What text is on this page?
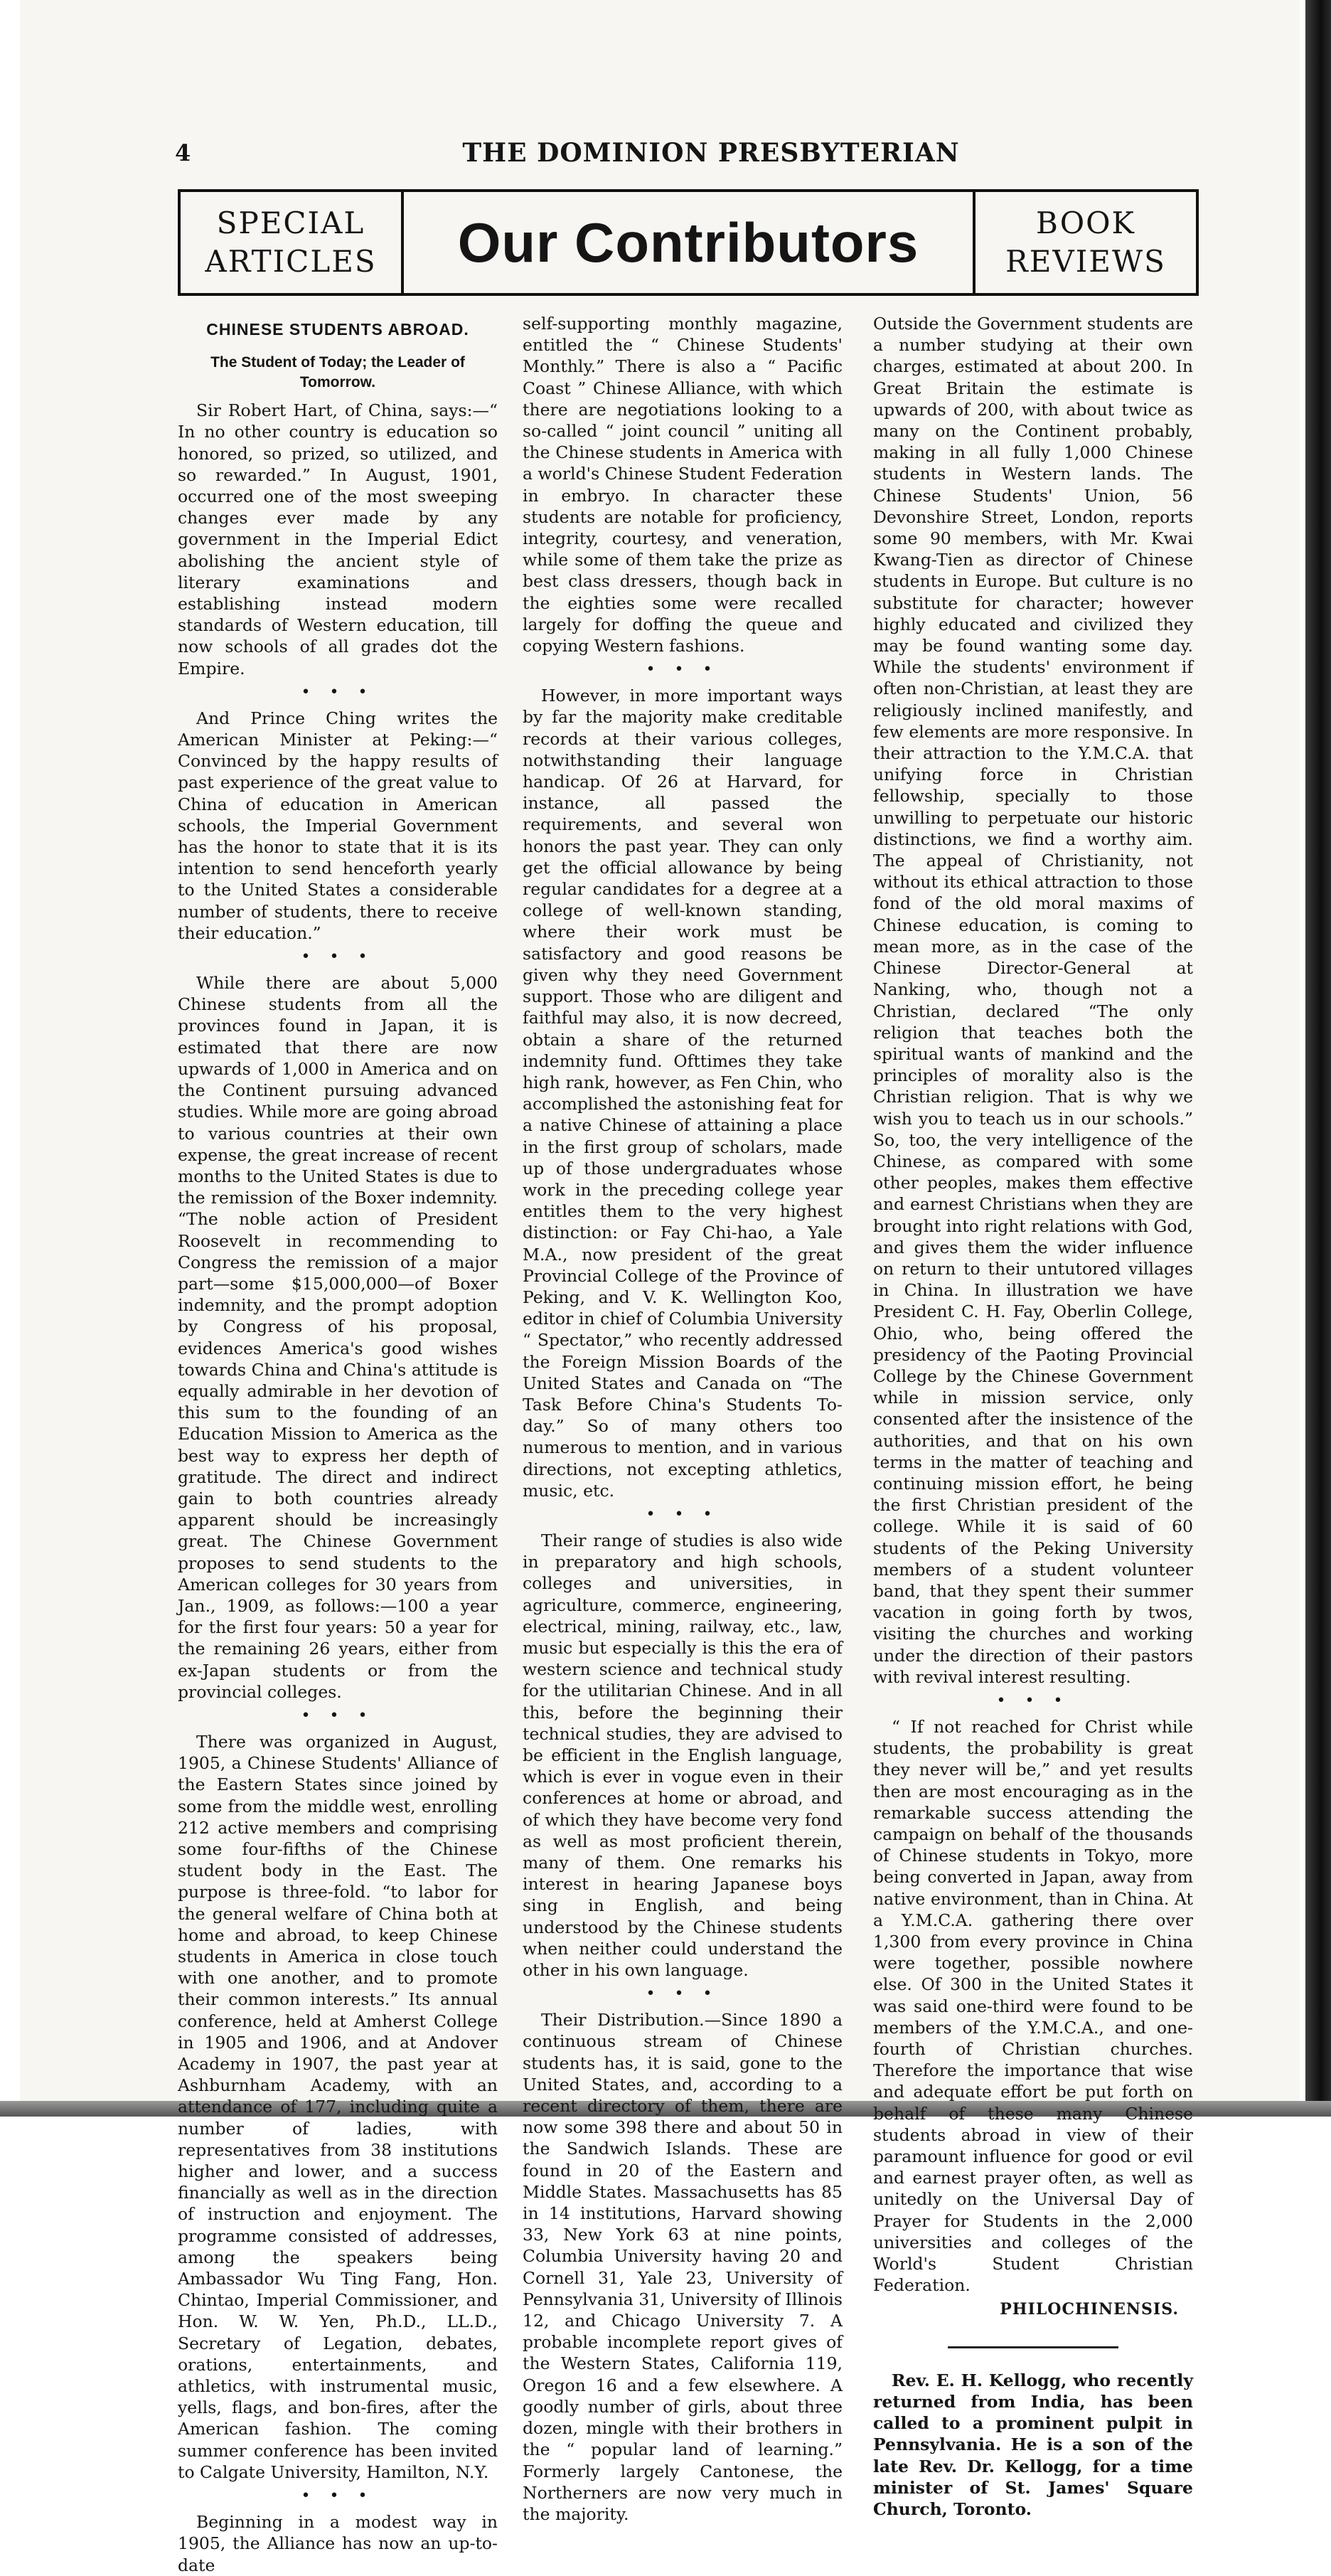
4	THE DOMINION PRESBYTERIAN
SPECIAL
ARTICLES	Our Contributors	BOOK
REVIEWS
CHINESE STUDENTS ABROAD.
The Student of Today; the Leader of Tomorrow.

Sir Robert Hart, of China, says:—“ In no other country is education so honored, so prized, so utilized, and so rewarded.” In August, 1901, occurred one of the most sweeping changes ever made by any government in the Imperial Edict abolishing the ancient style of literary examinations and establishing instead modern standards of Western education, till now schools of all grades dot the Empire.

• • •

And Prince Ching writes the American Minister at Peking:—“ Convinced by the happy results of past experience of the great value to China of education in American schools, the Imperial Government has the honor to state that it is its intention to send henceforth yearly to the United States a considerable number of students, there to receive their education.”

• • •

While there are about 5,000 Chinese students from all the provinces found in Japan, it is estimated that there are now upwards of 1,000 in America and on the Continent pursuing advanced studies. While more are going abroad to various countries at their own expense, the great increase of recent months to the United States is due to the remission of the Boxer indemnity. “The noble action of President Roosevelt in recommending to Congress the remission of a major part—some $15,000,000—of Boxer indemnity, and the prompt adoption by Congress of his proposal, evidences America's good wishes towards China and China's attitude is equally admirable in her devotion of this sum to the founding of an Education Mission to America as the best way to express her depth of gratitude. The direct and indirect gain to both countries already apparent should be increasingly great. The Chinese Government proposes to send students to the American colleges for 30 years from Jan., 1909, as follows:—100 a year for the first four years: 50 a year for the remaining 26 years, either from ex-Japan students or from the provincial colleges.

• • •

There was organized in August, 1905, a Chinese Students' Alliance of the Eastern States since joined by some from the middle west, enrolling 212 active members and comprising some four-fifths of the Chinese student body in the East. The purpose is three-fold. “to labor for the general welfare of China both at home and abroad, to keep Chinese students in America in close touch with one another, and to promote their common interests.” Its annual conference, held at Amherst College in 1905 and 1906, and at Andover Academy in 1907, the past year at Ashburnham Academy, with an attendance of 177, including quite a number of ladies, with representatives from 38 institutions higher and lower, and a success financially as well as in the direction of instruction and enjoyment. The programme consisted of addresses, among the speakers being Ambassador Wu Ting Fang, Hon. Chintao, Imperial Commissioner, and Hon. W. W. Yen, Ph.D., LL.D., Secretary of Legation, debates, orations, entertainments, and athletics, with instrumental music, yells, flags, and bon-fires, after the American fashion. The coming summer conference has been invited to Calgate University, Hamilton, N.Y.

• • •

Beginning in a modest way in 1905, the Alliance has now an up-to-date

self-supporting monthly magazine, entitled the “ Chinese Students' Monthly.” There is also a “ Pacific Coast ” Chinese Alliance, with which there are negotiations looking to a so-called “ joint council ” uniting all the Chinese students in America with a world's Chinese Student Federation in embryo. In character these students are notable for proficiency, integrity, courtesy, and veneration, while some of them take the prize as best class dressers, though back in the eighties some were recalled largely for doffing the queue and copying Western fashions.

• • •

However, in more important ways by far the majority make creditable records at their various colleges, notwithstanding their language handicap. Of 26 at Harvard, for instance, all passed the requirements, and several won honors the past year. They can only get the official allowance by being regular candidates for a degree at a college of well-known standing, where their work must be satisfactory and good reasons be given why they need Government support. Those who are diligent and faithful may also, it is now decreed, obtain a share of the returned indemnity fund. Ofttimes they take high rank, however, as Fen Chin, who accomplished the astonishing feat for a native Chinese of attaining a place in the first group of scholars, made up of those undergraduates whose work in the preceding college year entitles them to the very highest distinction: or Fay Chi-hao, a Yale M.A., now president of the great Provincial College of the Province of Peking, and V. K. Wellington Koo, editor in chief of Columbia University “ Spectator,” who recently addressed the Foreign Mission Boards of the United States and Canada on “The Task Before China's Students To-day.” So of many others too numerous to mention, and in various directions, not excepting athletics, music, etc.

• • •

Their range of studies is also wide in preparatory and high schools, colleges and universities, in agriculture, commerce, engineering, electrical, mining, railway, etc., law, music but especially is this the era of western science and technical study for the utilitarian Chinese. And in all this, before the beginning their technical studies, they are advised to be efficient in the English language, which is ever in vogue even in their conferences at home or abroad, and of which they have become very fond as well as most proficient therein, many of them. One remarks his interest in hearing Japanese boys sing in English, and being understood by the Chinese students when neither could understand the other in his own language.

• • •

Their Distribution.—Since 1890 a continuous stream of Chinese students has, it is said, gone to the United States, and, according to a recent directory of them, there are now some 398 there and about 50 in the Sandwich Islands. These are found in 20 of the Eastern and Middle States. Massachusetts has 85 in 14 institutions, Harvard showing 33, New York 63 at nine points, Columbia University having 20 and Cornell 31, Yale 23, University of Pennsylvania 31, University of Illinois 12, and Chicago University 7. A probable incomplete report gives of the Western States, California 119, Oregon 16 and a few elsewhere. A goodly number of girls, about three dozen, mingle with their brothers in the “ popular land of learning.” Formerly largely Cantonese, the Northerners are now very much in the majority.

Outside the Government students are a number studying at their own charges, estimated at about 200. In Great Britain the estimate is upwards of 200, with about twice as many on the Continent probably, making in all fully 1,000 Chinese students in Western lands. The Chinese Students' Union, 56 Devonshire Street, London, reports some 90 members, with Mr. Kwai Kwang-Tien as director of Chinese students in Europe. But culture is no substitute for character; however highly educated and civilized they may be found wanting some day. While the students' environment if often non-Christian, at least they are religiously inclined manifestly, and few elements are more responsive. In their attraction to the Y.M.C.A. that unifying force in Christian fellowship, specially to those unwilling to perpetuate our historic distinctions, we find a worthy aim. The appeal of Christianity, not without its ethical attraction to those fond of the old moral maxims of Chinese education, is coming to mean more, as in the case of the Chinese Director-General at Nanking, who, though not a Christian, declared “The only religion that teaches both the spiritual wants of mankind and the principles of morality also is the Christian religion. That is why we wish you to teach us in our schools.” So, too, the very intelligence of the Chinese, as compared with some other peoples, makes them effective and earnest Christians when they are brought into right relations with God, and gives them the wider influence on return to their untutored villages in China. In illustration we have President C. H. Fay, Oberlin College, Ohio, who, being offered the presidency of the Paoting Provincial College by the Chinese Government while in mission service, only consented after the insistence of the authorities, and that on his own terms in the matter of teaching and continuing mission effort, he being the first Christian president of the college. While it is said of 60 students of the Peking University members of a student volunteer band, that they spent their summer vacation in going forth by twos, visiting the churches and working under the direction of their pastors with revival interest resulting.

• • •

“ If not reached for Christ while students, the probability is great they never will be,” and yet results then are most encouraging as in the remarkable success attending the campaign on behalf of the thousands of Chinese students in Tokyo, more being converted in Japan, away from native environment, than in China. At a Y.M.C.A. gathering there over 1,300 from every province in China were together, possible nowhere else. Of 300 in the United States it was said one-third were found to be members of the Y.M.C.A., and one-fourth of Christian churches. Therefore the importance that wise and adequate effort be put forth on behalf of these many Chinese students abroad in view of their paramount influence for good or evil and earnest prayer often, as well as unitedly on the Universal Day of Prayer for Students in the 2,000 universities and colleges of the World's Student Christian Federation.

PHILOCHINENSIS.

Rev. E. H. Kellogg, who recently returned from India, has been called to a prominent pulpit in Pennsylvania. He is a son of the late Rev. Dr. Kellogg, for a time minister of St. James' Square Church, Toronto.
